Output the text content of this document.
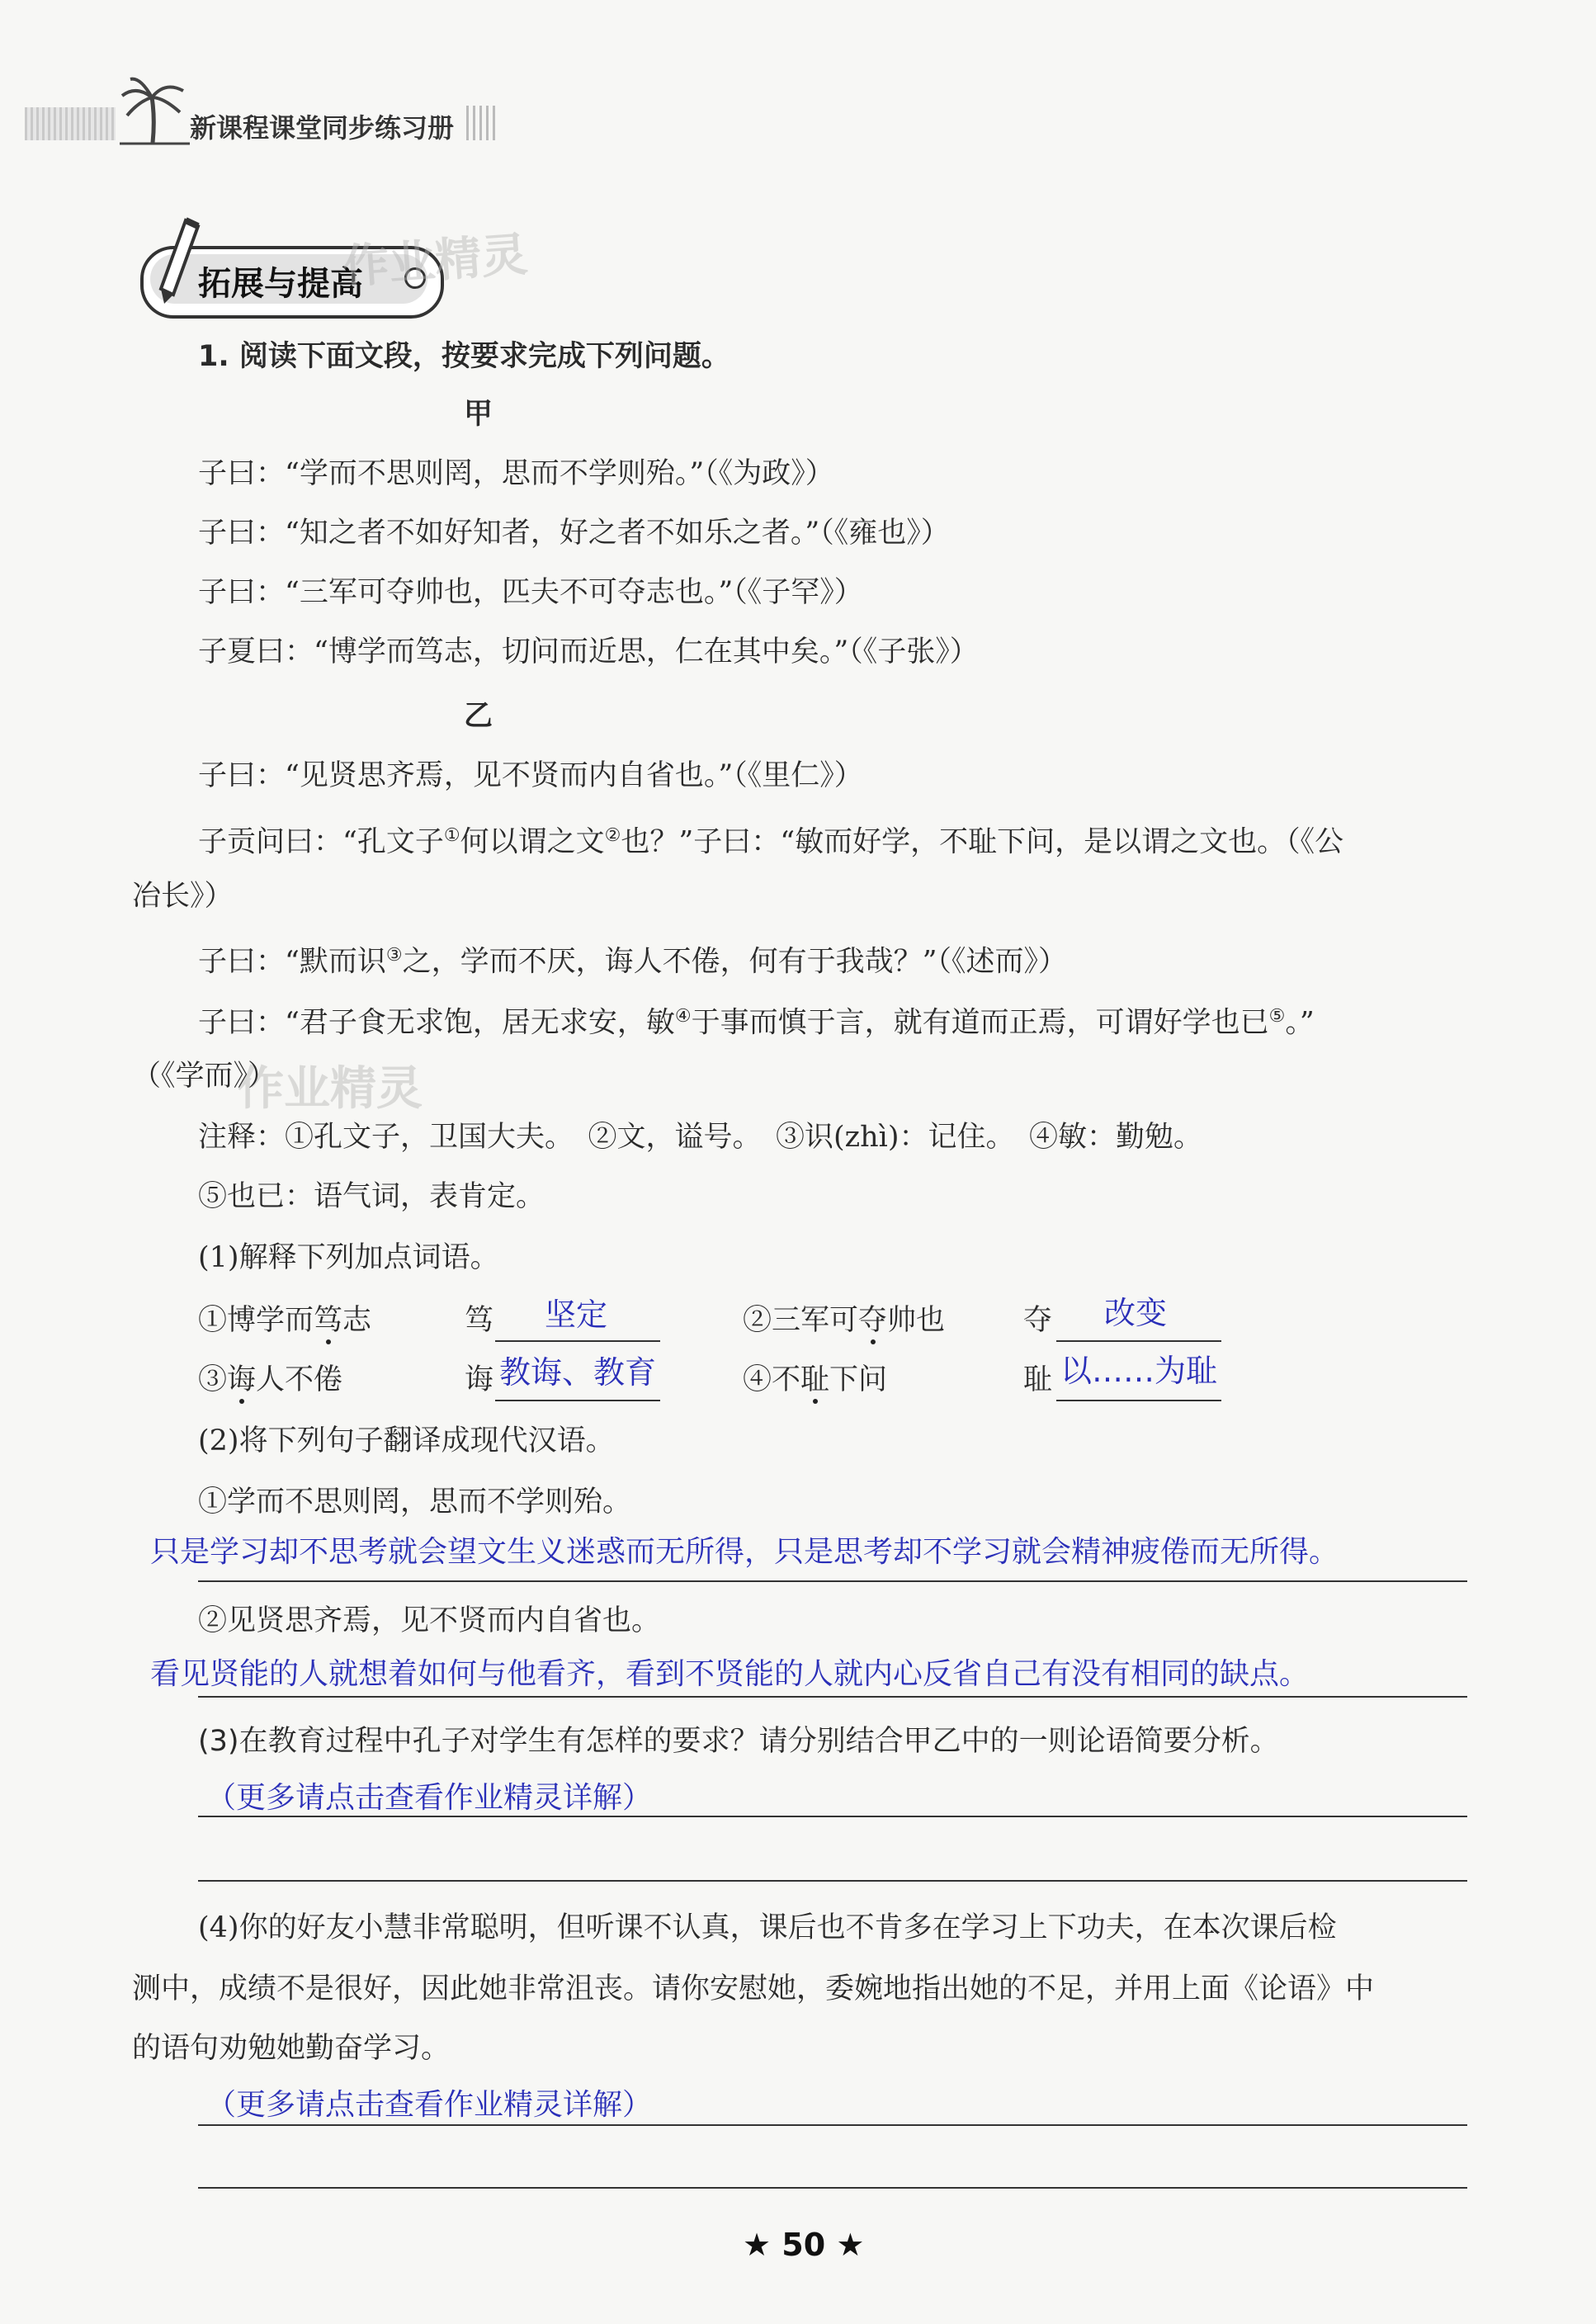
新课程课堂同步练习册
拓展与提高
作业精灵
作业精灵
1. 阅读下面文段，按要求完成下列问题。
甲
子曰：“学而不思则罔，思而不学则殆。”（《为政》）
子曰：“知之者不如好知者，好之者不如乐之者。”（《雍也》）
子曰：“三军可夺帅也，匹夫不可夺志也。”（《子罕》）
子夏曰：“博学而笃志，切问而近思，仁在其中矣。”（《子张》）
乙
子曰：“见贤思齐焉，见不贤而内自省也。”（《里仁》）
子贡问曰：“孔文子①何以谓之文②也？”子曰：“敏而好学，不耻下问，是以谓之文也。（《公
冶长》）
子曰：“默而识③之，学而不厌，诲人不倦，何有于我哉？”（《述而》）
子曰：“君子食无求饱，居无求安，敏④于事而慎于言，就有道而正焉，可谓好学也已⑤。”
（《学而》）
注释：①孔文子，卫国大夫。　②文，谥号。　③识(zhì)：记住。　④敏：勤勉。
⑤也已：语气词，表肯定。
(1)解释下列加点词语。
①博学而笃志	笃 坚定	②三军可夺帅也	夺 改变
③诲人不倦	诲 教诲、教育	④不耻下问	耻 以……为耻
(2)将下列句子翻译成现代汉语。
①学而不思则罔，思而不学则殆。
只是学习却不思考就会望文生义迷惑而无所得，只是思考却不学习就会精神疲倦而无所得。
②见贤思齐焉，见不贤而内自省也。
看见贤能的人就想着如何与他看齐，看到不贤能的人就内心反省自己有没有相同的缺点。
(3)在教育过程中孔子对学生有怎样的要求？请分别结合甲乙中的一则论语简要分析。
（更多请点击查看作业精灵详解）
(4)你的好友小慧非常聪明，但听课不认真，课后也不肯多在学习上下功夫，在本次课后检
测中，成绩不是很好，因此她非常沮丧。请你安慰她，委婉地指出她的不足，并用上面《论语》中
的语句劝勉她勤奋学习。
（更多请点击查看作业精灵详解）
★ 50 ★
